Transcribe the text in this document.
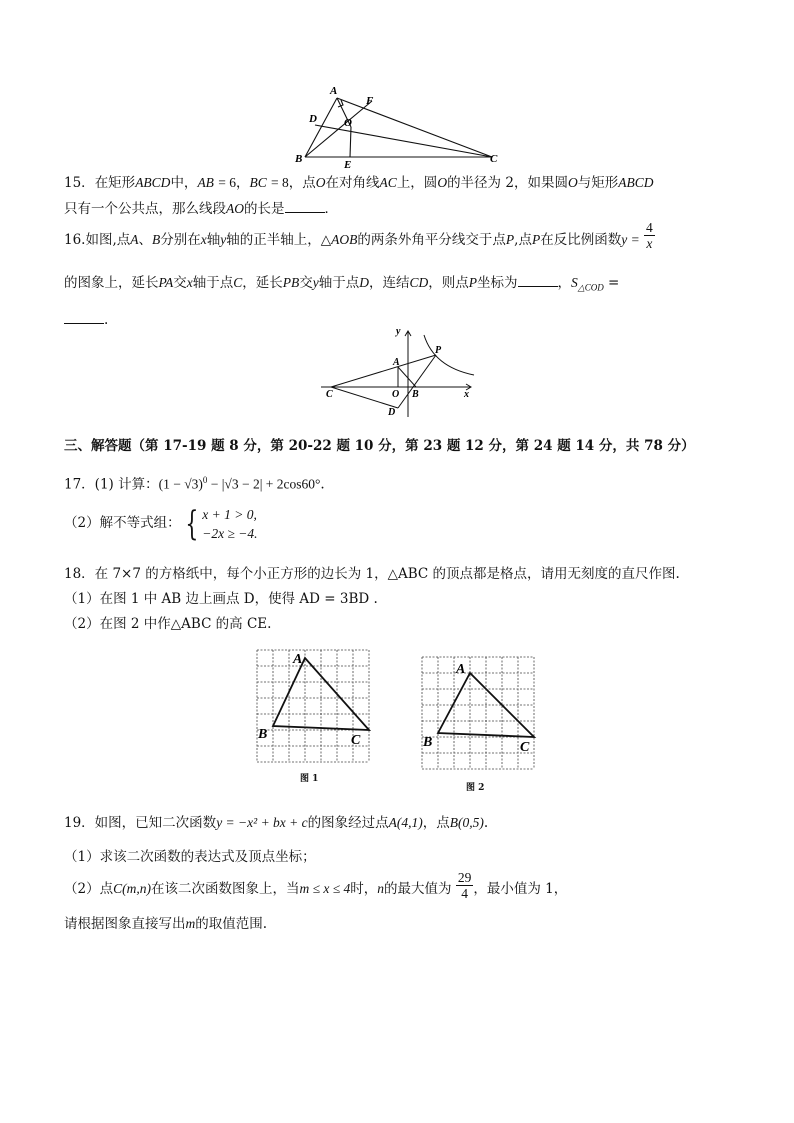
A
F
D O
B	E	C
15．在矩形ABCD中，AB = 6，BC = 8，点O在对角线AC上，圆O的半径为 2，如果圆O与矩形ABCD
只有一个公共点，那么线段AO的长是	．
16.如图,点A、B分别在x轴y轴的正半轴上，△AOB的两条外角平分线交于点P,点P在反比例函数$y = \frac{4}{x}$
的图象上，延长PA交x轴于点C，延长PB交y轴于点D，连结CD，则点P坐标为	，$S_{\triangle COD}$ =
.
y
x
A
P
C	O B
D
三、解答题（第 17-19 题 8 分，第 20-22 题 10 分，第 23 题 12 分，第 24 题 14 分，共 78 分）
17．(1) 计算：$(1 - √3)^0 - |√3 - 2| + 2\cos 60^\circ$.
（2）解不等式组： { x + 1 > 0,
−2x ≥ −4.
18．在 7×7 的方格纸中，每个小正方形的边长为 1，△ABC 的顶点都是格点，请用无刻度的直尺作图.
（1）在图 1 中 AB 边上画点 D，使得 AD = 3BD .
（2）在图 2 中作△ABC 的高 CE.
A
B	C
图 1
A
B	C
图 2
19．如图，已知二次函数y = −x² + bx + c的图象经过点A(4,1)，点B(0,5).
（1）求该二次函数的表达式及顶点坐标；
（2）点C(m,n)在该二次函数图象上，当m ≤ x ≤ 4时，n的最大值为 $\frac{29}{4}$ ，最小值为 1，
请根据图象直接写出m的取值范围.
